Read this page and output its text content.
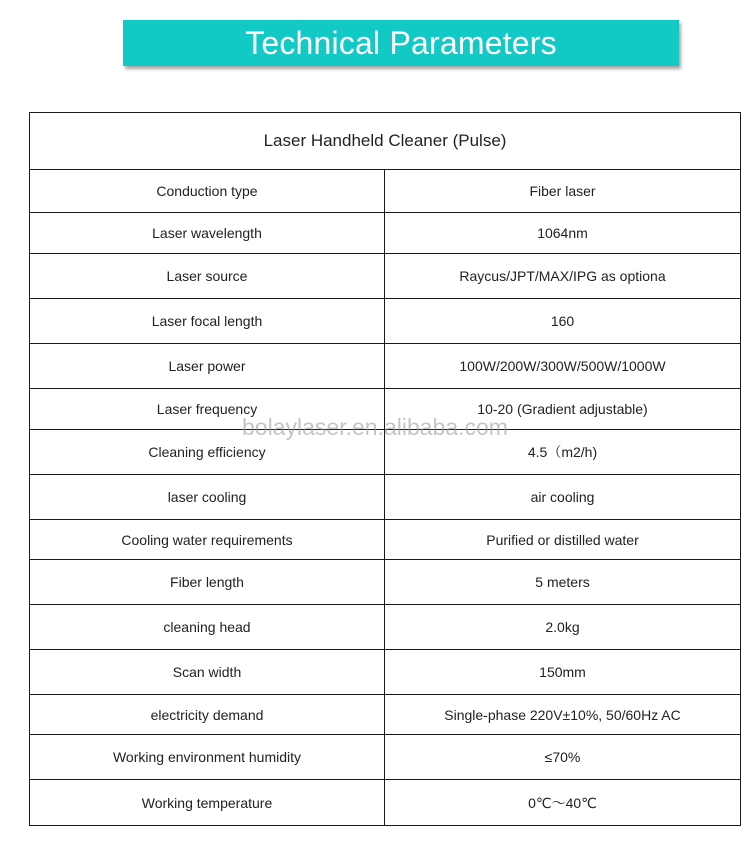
Technical Parameters
Laser Handheld Cleaner (Pulse)	
Conduction type	Fiber laser
Laser wavelength	1064nm
Laser source	Raycus/JPT/MAX/IPG as optiona
Laser focal length	160
Laser power	100W/200W/300W/500W/1000W
Laser frequency	10-20 (Gradient adjustable)
Cleaning efficiency	4.5（m2/h)
laser cooling	air cooling
Cooling water requirements	Purified or distilled water
Fiber length	5 meters
cleaning head	2.0kg
Scan width	150mm
electricity demand	Single-phase 220V±10%, 50/60Hz AC
Working environment humidity	≤70%
Working temperature	0℃～40℃
bolaylaser.en.alibaba.com
